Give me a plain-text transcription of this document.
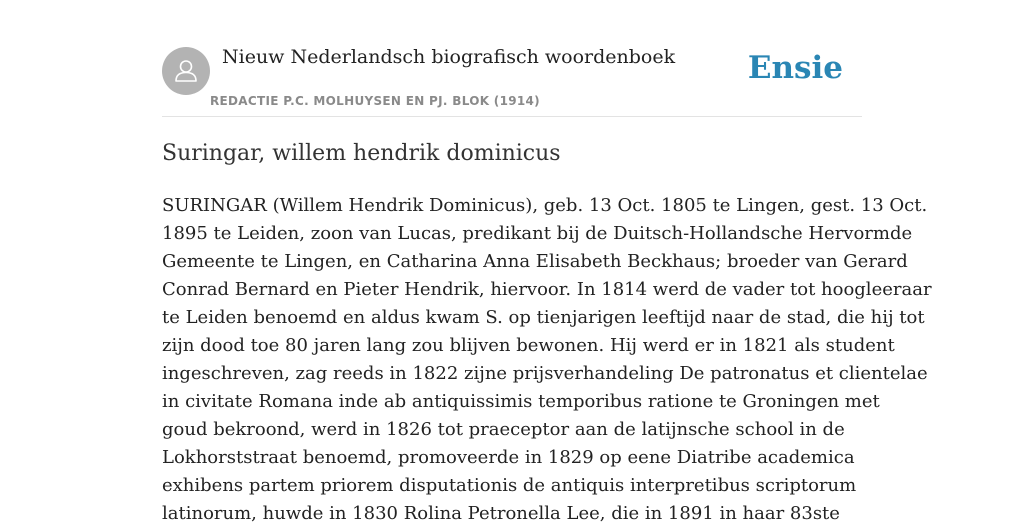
Nieuw Nederlandsch biografisch woordenboek
REDACTIE P.C. MOLHUYSEN EN PJ. BLOK (1914)
Ensie
Suringar, willem hendrik dominicus
SURINGAR (Willem Hendrik Dominicus), geb. 13 Oct. 1805 te Lingen, gest. 13 Oct.
1895 te Leiden, zoon van Lucas, predikant bij de Duitsch-Hollandsche Hervormde
Gemeente te Lingen, en Catharina Anna Elisabeth Beckhaus; broeder van Gerard
Conrad Bernard en Pieter Hendrik, hiervoor. In 1814 werd de vader tot hoogleeraar
te Leiden benoemd en aldus kwam S. op tienjarigen leeftijd naar de stad, die hij tot
zijn dood toe 80 jaren lang zou blijven bewonen. Hij werd er in 1821 als student
ingeschreven, zag reeds in 1822 zijne prijsverhandeling De patronatus et clientelae
in civitate Romana inde ab antiquissimis temporibus ratione te Groningen met
goud bekroond, werd in 1826 tot praeceptor aan de latijnsche school in de
Lokhorststraat benoemd, promoveerde in 1829 op eene Diatribe academica
exhibens partem priorem disputationis de antiquis interpretibus scriptorum
latinorum, huwde in 1830 Rolina Petronella Lee, die in 1891 in haar 83ste
